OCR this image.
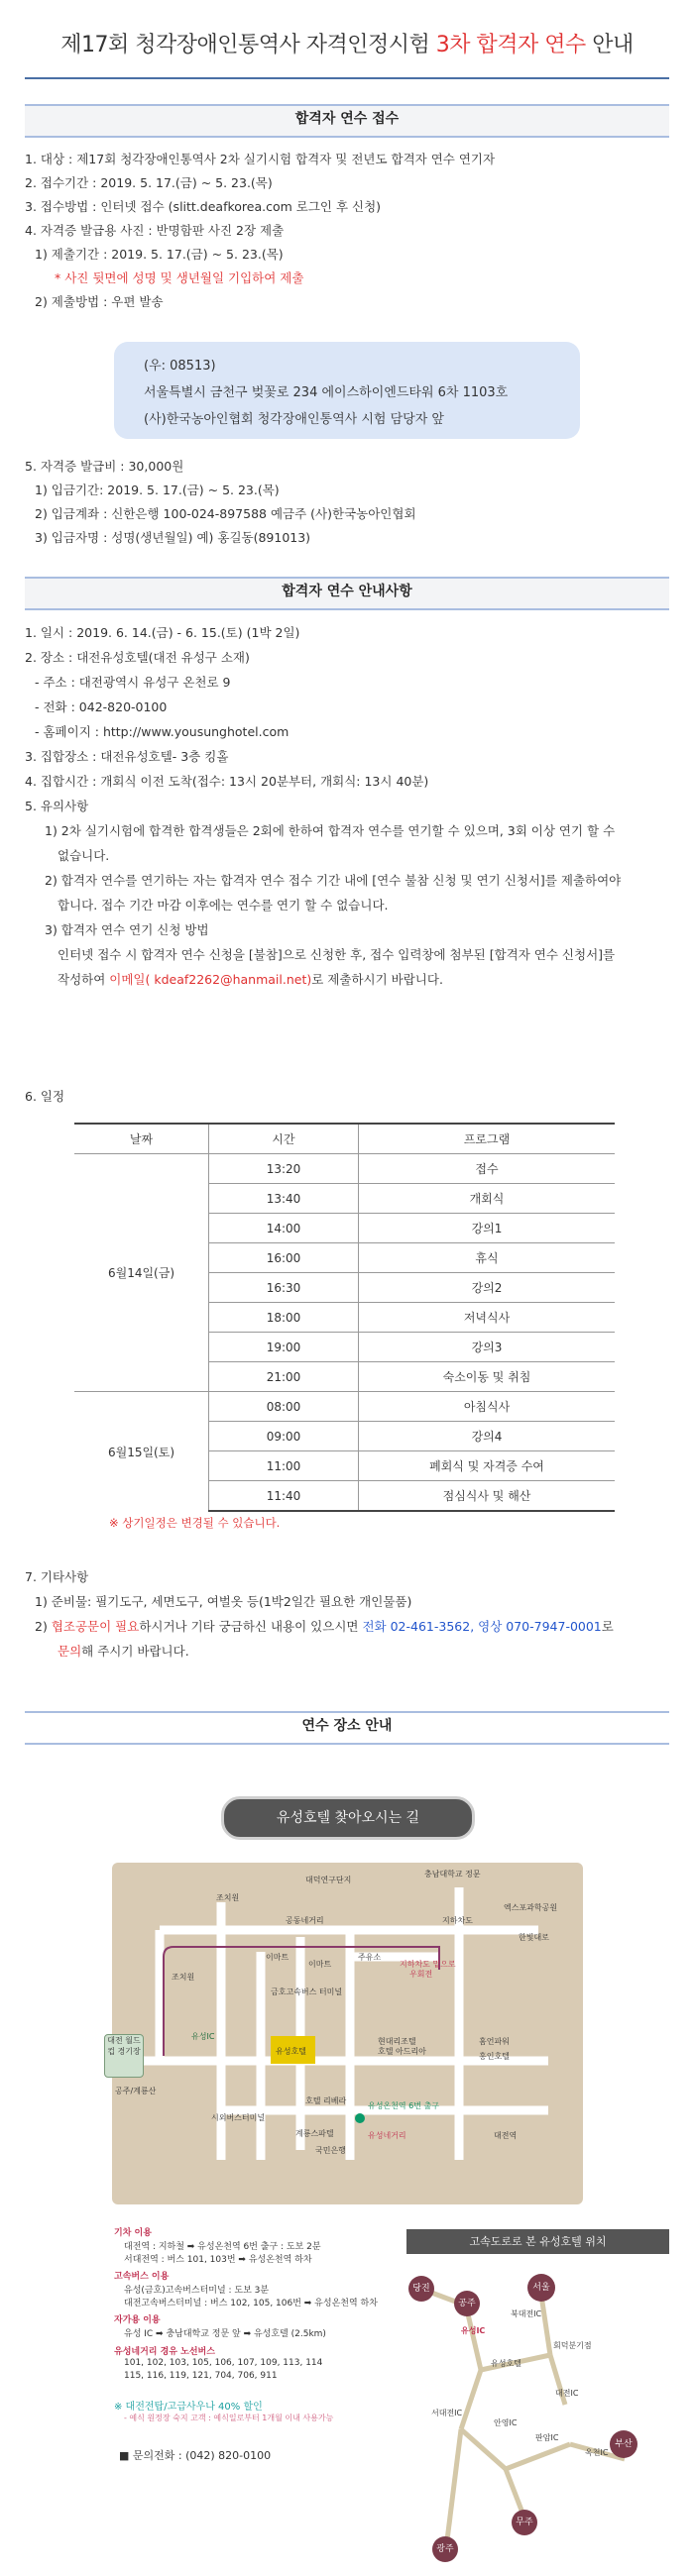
제17회 청각장애인통역사 자격인정시험 3차 합격자 연수 안내
합격자 연수 접수
1. 대상 : 제17회 청각장애인통역사 2차 실기시험 합격자 및 전년도 합격자 연수 연기자
2. 접수기간 : 2019. 5. 17.(금) ~ 5. 23.(목)
3. 접수방법 : 인터넷 접수 (slitt.deafkorea.com 로그인 후 신청)
4. 자격증 발급용 사진 : 반명함판 사진 2장 제출
1) 제출기간 : 2019. 5. 17.(금) ~ 5. 23.(목)
* 사진 뒷면에 성명 및 생년월일 기입하여 제출
2) 제출방법 : 우편 발송
(우: 08513)
서울특별시 금천구 벚꽃로 234 에이스하이엔드타워 6차 1103호
(사)한국농아인협회 청각장애인통역사 시험 담당자 앞
5. 자격증 발급비 : 30,000원
1) 입금기간: 2019. 5. 17.(금) ~ 5. 23.(목)
2) 입금계좌 : 신한은행 100-024-897588 예금주 (사)한국농아인협회
3) 입금자명 : 성명(생년월일) 예) 홍길동(891013)
합격자 연수 안내사항
1. 일시 : 2019. 6. 14.(금) - 6. 15.(토) (1박 2일)
2. 장소 : 대전유성호텔(대전 유성구 소재)
- 주소 : 대전광역시 유성구 온천로 9
- 전화 : 042-820-0100
- 홈페이지 : http://www.yousunghotel.com
3. 집합장소 : 대전유성호텔- 3층 킹홀
4. 집합시간 : 개회식 이전 도착(접수: 13시 20분부터, 개회식: 13시 40분)
5. 유의사항
1) 2차 실기시험에 합격한 합격생들은 2회에 한하여 합격자 연수를 연기할 수 있으며, 3회 이상 연기 할 수
없습니다.
2) 합격자 연수를 연기하는 자는 합격자 연수 접수 기간 내에 [연수 불참 신청 및 연기 신청서]를 제출하여야
합니다. 접수 기간 마감 이후에는 연수를 연기 할 수 없습니다.
3) 합격자 연수 연기 신청 방법
인터넷 접수 시 합격자 연수 신청을 [불참]으로 신청한 후, 접수 입력창에 첨부된 [합격자 연수 신청서]를
작성하여 이메일( kdeaf2262@hanmail.net)로 제출하시기 바랍니다.
6. 일정
날짜	시간	프로그램
6월14일(금)	13:20	접수
	13:40	개회식
	14:00	강의1
	16:00	휴식
	16:30	강의2
	18:00	저녁식사
	19:00	강의3
	21:00	숙소이동 및 취침
6월15일(토)	08:00	아침식사
	09:00	강의4
	11:00	폐회식 및 자격증 수여
	11:40	점심식사 및 해산
※ 상기일정은 변경될 수 있습니다.
7. 기타사항
1) 준비물: 필기도구, 세면도구, 여벌옷 등(1박2일간 필요한 개인물품)
2) 협조공문이 필요하시거나 기타 궁금하신 내용이 있으시면 전화 02-461-3562, 영상 070-7947-0001로
문의해 주시기 바랍니다.
연수 장소 안내
유성호텔 찾아오시는 길
대전 월드컵 경기장
대덕연구단지
충남대학교 정문
조치원
공동네거리	지하차도
엑스포과학공원
한빛대로
조치원
이마트
이마트
주유소
지하차도 밑으로
우회전
금호고속버스 터미널
유성IC
현대리조텔
호텔 아드리아
유성호텔
홈언파워
홍인호텔
공주/계룡산
시외버스터미널
호텔 리베라
계룡스파텔
유성온천역 6번 출구
유성네거리	대전역
국민은행
기차 이용
대전역 : 지하철 ➡ 유성온천역 6번 출구 : 도보 2분
서대전역 : 버스 101, 103번 ➡ 유성온천역 하차
고속버스 이용
유성(금호)고속버스터미널 : 도보 3분
대전고속버스터미널 : 버스 102, 105, 106번 ➡ 유성온천역 하차
자가용 이용
유성 IC ➡ 충남대학교 정문 앞 ➡ 유성호텔 (2.5km)
유성네거리 경유 노선버스
101, 102, 103, 105, 106, 107, 109, 113, 114
115, 116, 119, 121, 704, 706, 911
※ 대전전탑/고급사우나 40% 할인
- 예식 원정장 숙지 고객 : 예식일로부터 1개월 이내 사용가능
■ 문의전화 : (042) 820-0100
고속도로로 본 유성호텔 위치
당진
공주
서울
북대전IC
유성IC
회덕분기점
유성호텔
대전IC
서대전IC
안영IC
판암IC
옥천IC
부산
광주
무주
